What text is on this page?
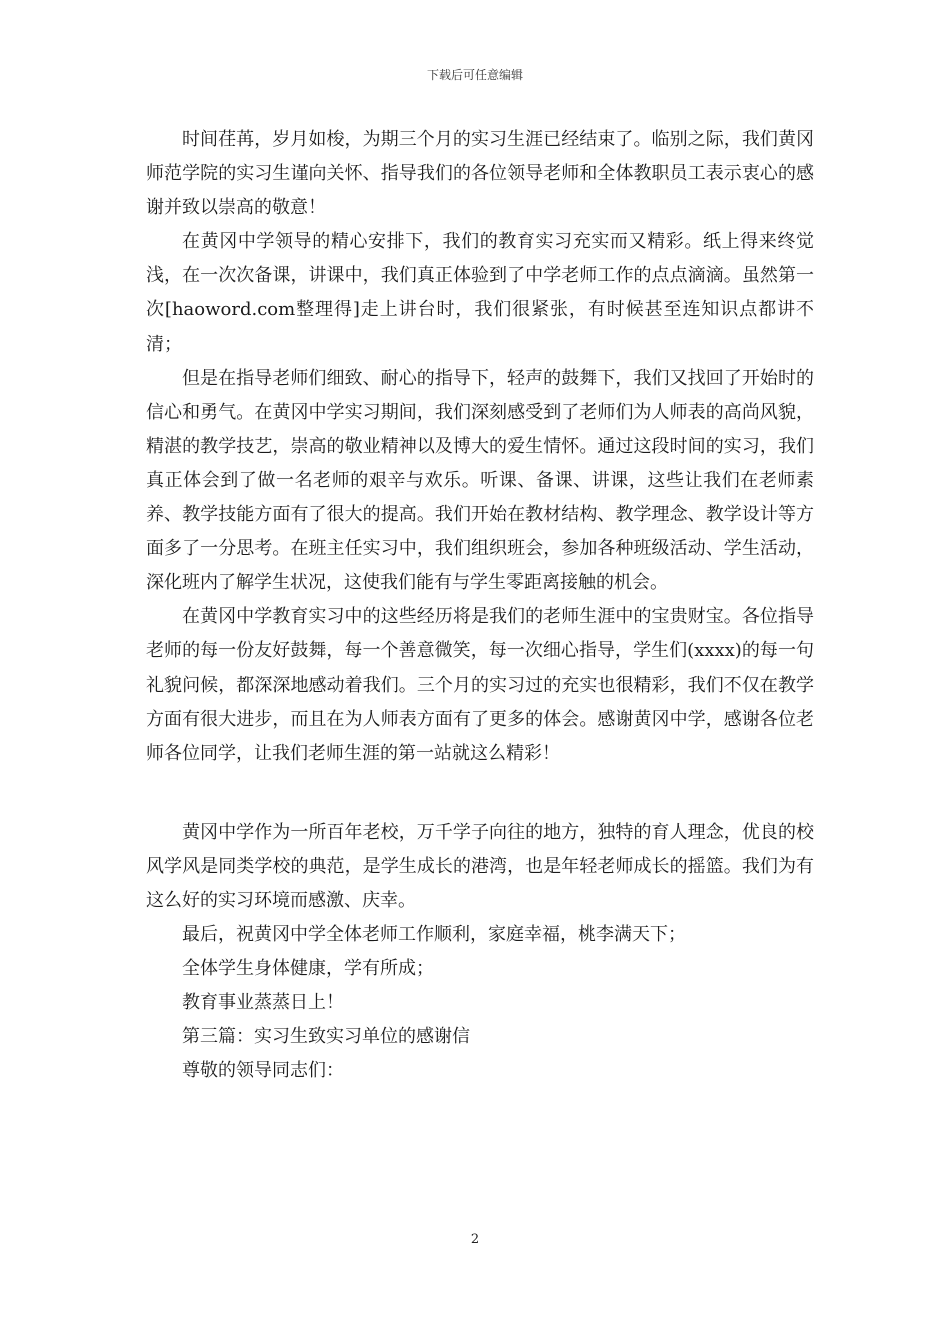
下载后可任意编辑

时间荏苒，岁月如梭，为期三个月的实习生涯已经结束了。临别之际，我们黄冈师范学院的实习生谨向关怀、指导我们的各位领导老师和全体教职员工表示衷心的感谢并致以崇高的敬意！

在黄冈中学领导的精心安排下，我们的教育实习充实而又精彩。纸上得来终觉浅，在一次次备课，讲课中，我们真正体验到了中学老师工作的点点滴滴。虽然第一次[haoword.com整理得]走上讲台时，我们很紧张，有时候甚至连知识点都讲不清；

但是在指导老师们细致、耐心的指导下，轻声的鼓舞下，我们又找回了开始时的信心和勇气。在黄冈中学实习期间，我们深刻感受到了老师们为人师表的高尚风貌，精湛的教学技艺，崇高的敬业精神以及博大的爱生情怀。通过这段时间的实习，我们真正体会到了做一名老师的艰辛与欢乐。听课、备课、讲课，这些让我们在老师素养、教学技能方面有了很大的提高。我们开始在教材结构、教学理念、教学设计等方面多了一分思考。在班主任实习中，我们组织班会，参加各种班级活动、学生活动，深化班内了解学生状况，这使我们能有与学生零距离接触的机会。

在黄冈中学教育实习中的这些经历将是我们的老师生涯中的宝贵财宝。各位指导老师的每一份友好鼓舞，每一个善意微笑，每一次细心指导，学生们(xxxx)的每一句礼貌问候，都深深地感动着我们。三个月的实习过的充实也很精彩，我们不仅在教学方面有很大进步，而且在为人师表方面有了更多的体会。感谢黄冈中学，感谢各位老师各位同学，让我们老师生涯的第一站就这么精彩！

黄冈中学作为一所百年老校，万千学子向往的地方，独特的育人理念，优良的校风学风是同类学校的典范，是学生成长的港湾，也是年轻老师成长的摇篮。我们为有这么好的实习环境而感激、庆幸。

最后，祝黄冈中学全体老师工作顺利，家庭幸福，桃李满天下；

全体学生身体健康，学有所成；

教育事业蒸蒸日上！

第三篇：实习生致实习单位的感谢信

尊敬的领导同志们：

2
